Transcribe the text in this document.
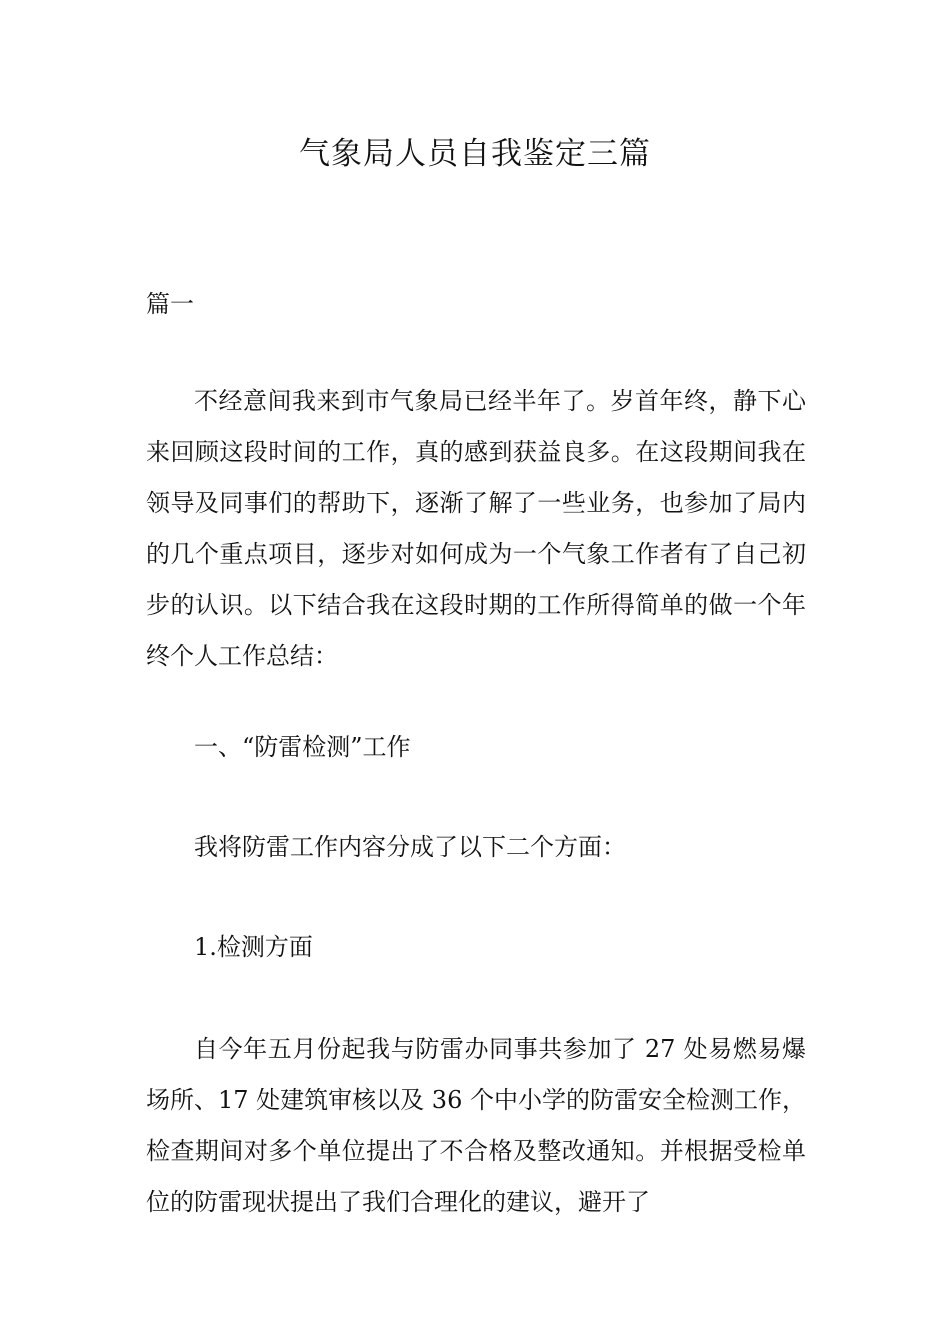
气象局人员自我鉴定三篇

篇一

不经意间我来到市气象局已经半年了。岁首年终，静下心来回顾这段时间的工作，真的感到获益良多。在这段期间我在领导及同事们的帮助下，逐渐了解了一些业务，也参加了局内的几个重点项目，逐步对如何成为一个气象工作者有了自己初步的认识。以下结合我在这段时期的工作所得简单的做一个年终个人工作总结：

一、“防雷检测”工作

我将防雷工作内容分成了以下二个方面：

1.检测方面

自今年五月份起我与防雷办同事共参加了 27 处易燃易爆场所、17 处建筑审核以及 36 个中小学的防雷安全检测工作，检查期间对多个单位提出了不合格及整改通知。并根据受检单位的防雷现状提出了我们合理化的建议，避开了
